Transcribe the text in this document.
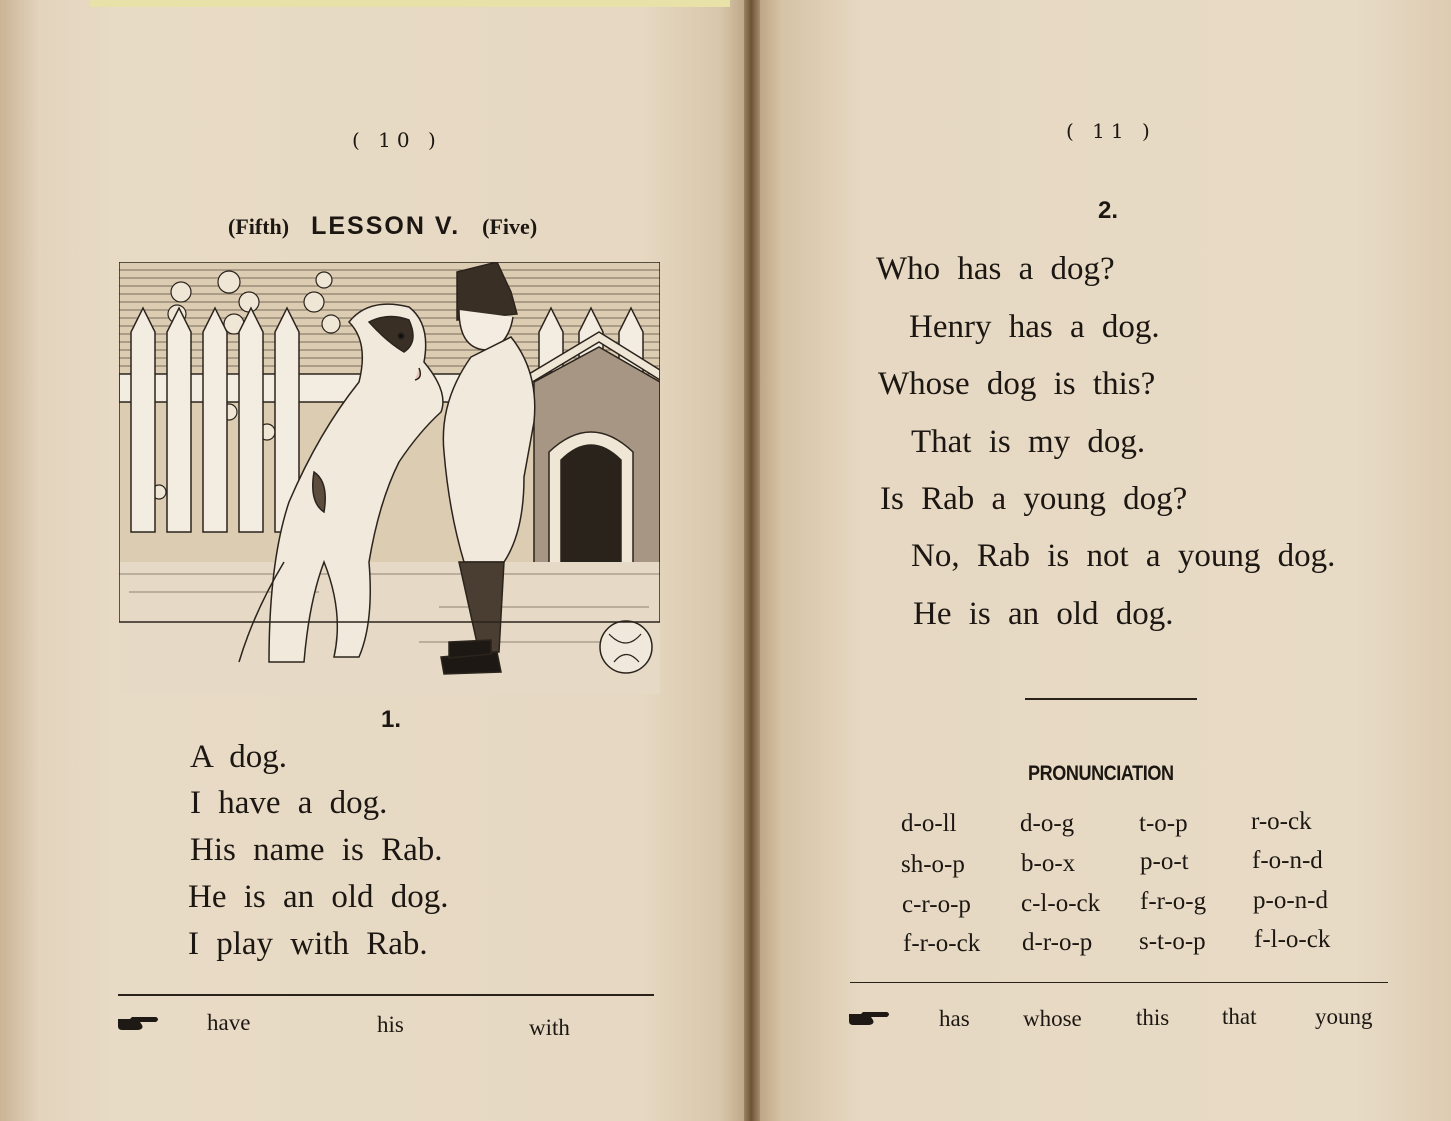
( 10 )
(Fifth) LESSON V. (Five)
1.
A dog.
I have a dog.
His name is Rab.
He is an old dog.
I play with Rab.
have	his	with
( 11 )
2.
Who has a dog?
Henry has a dog.
Whose dog is this?
That is my dog.
Is Rab a young dog?
No, Rab is not a young dog.
He is an old dog.
PRONUNCIATION
d-o-ll	d-o-g	t-o-p	r-o-ck
sh-o-p b-o-x	p-o-t	f-o-n-d
c-r-o-p c-l-o-ck f-r-o-g p-o-n-d
f-r-o-ck d-r-o-p s-t-o-p f-l-o-ck
has whose this that	young
